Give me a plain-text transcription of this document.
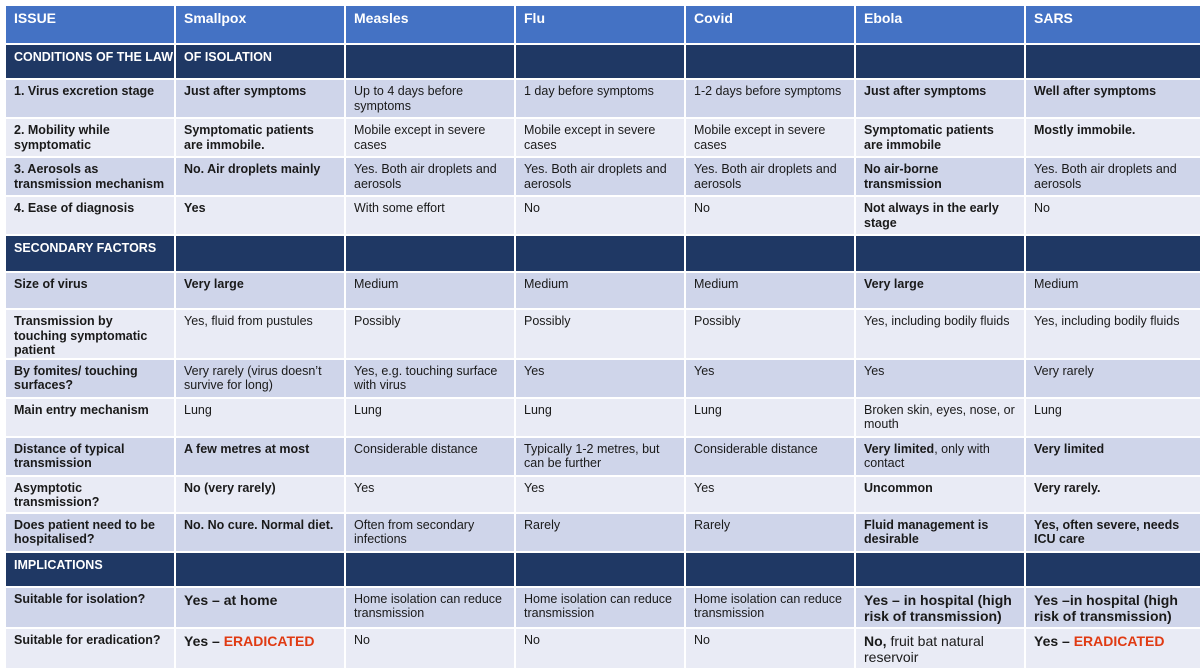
ISSUE	Smallpox	Measles	Flu	Covid	Ebola	SARS
CONDITIONS OF THE LAW	OF ISOLATION					
1. Virus excretion stage	Just after symptoms	Up to 4 days before symptoms	1 day before symptoms	1-2 days before symptoms	Just after symptoms	Well after symptoms
2. Mobility while symptomatic	Symptomatic patients are immobile.	Mobile except in severe cases	Mobile except in severe cases	Mobile except in severe cases	Symptomatic patients are immobile	Mostly immobile.
3. Aerosols as transmission mechanism	No. Air droplets mainly	Yes. Both air droplets and aerosols	Yes. Both air droplets and aerosols	Yes. Both air droplets and aerosols	No air-borne transmission	Yes. Both air droplets and aerosols
4. Ease of diagnosis	Yes	With some effort	No	No	Not always in the early stage	No
SECONDARY FACTORS						
Size of virus	Very large	Medium	Medium	Medium	Very large	Medium
Transmission by touching symptomatic patient	Yes, fluid from pustules	Possibly	Possibly	Possibly	Yes, including bodily fluids	Yes, including bodily fluids
By fomites/ touching surfaces?	Very rarely (virus doesn’t survive for long)	Yes, e.g. touching surface with virus	Yes	Yes	Yes	Very rarely
Main entry mechanism	Lung	Lung	Lung	Lung	Broken skin, eyes, nose, or mouth	Lung
Distance of typical transmission	A few metres at most	Considerable distance	Typically 1-2 metres, but can be further	Considerable distance	Very limited, only with contact	Very limited
Asymptotic transmission?	No (very rarely)	Yes	Yes	Yes	Uncommon	Very rarely.
Does patient need to be hospitalised?	No. No cure. Normal diet.	Often from secondary infections	Rarely	Rarely	Fluid management is desirable	Yes, often severe, needs ICU care
IMPLICATIONS						
Suitable for isolation?	Yes – at home	Home isolation can reduce transmission	Home isolation can reduce transmission	Home isolation can reduce transmission	Yes – in hospital (high risk of transmission)	Yes –in hospital (high risk of transmission)
Suitable for eradication?	Yes – ERADICATED	No	No	No	No, fruit bat natural reservoir	Yes – ERADICATED
